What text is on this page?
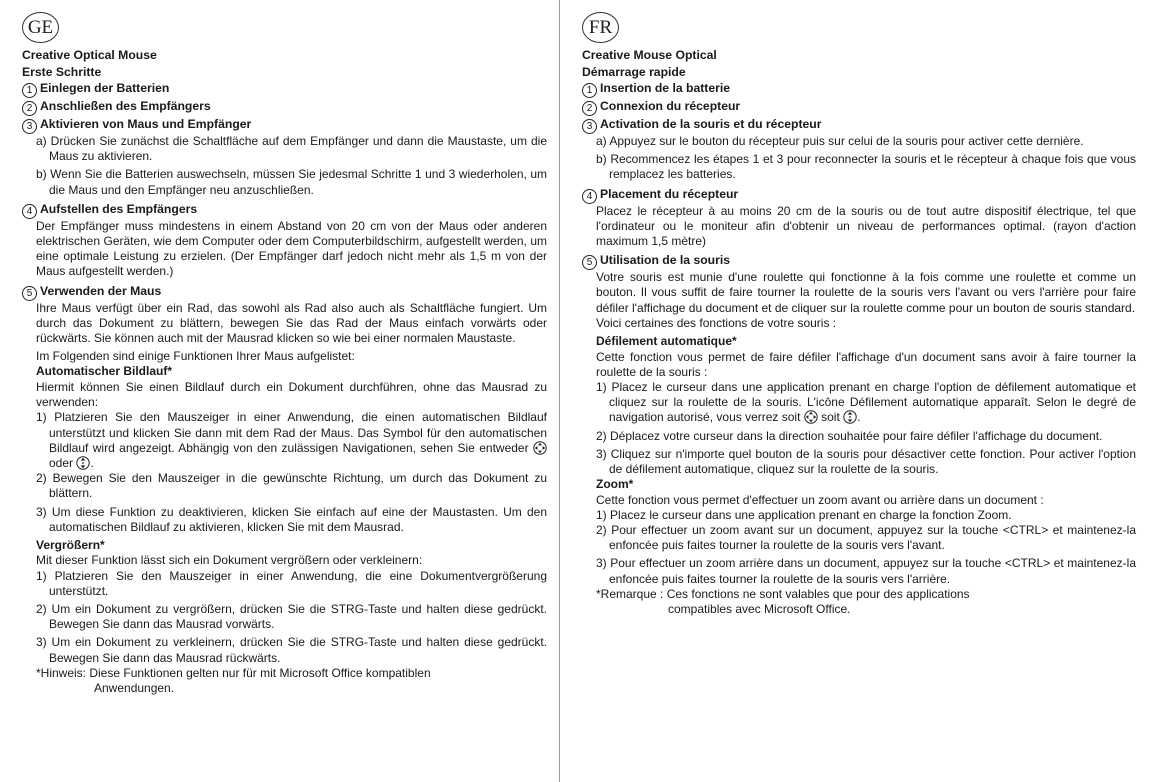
GE

Creative Optical Mouse

Erste Schritte

1 Einlegen der Batterien

2 Anschließen des Empfängers

3 Aktivieren von Maus und Empfänger

a) Drücken Sie zunächst die Schaltfläche auf dem Empfänger und dann die Maustaste, um die Maus zu aktivieren.

b) Wenn Sie die Batterien auswechseln, müssen Sie jedesmal Schritte 1 und 3 wiederholen, um die Maus und den Empfänger neu anzuschließen.

4 Aufstellen des Empfängers

Der Empfänger muss mindestens in einem Abstand von 20 cm von der Maus oder anderen elektrischen Geräten, wie dem Computer oder dem Computerbildschirm, aufgestellt werden, um eine optimale Leistung zu erzielen. (Der Empfänger darf jedoch nicht mehr als 1,5 m von der Maus aufgestellt werden.)

5 Verwenden der Maus

Ihre Maus verfügt über ein Rad, das sowohl als Rad also auch als Schaltfläche fungiert. Um durch das Dokument zu blättern, bewegen Sie das Rad der Maus einfach vorwärts oder rückwärts. Sie können auch mit der Mausrad klicken so wie bei einer normalen Maustaste.

Im Folgenden sind einige Funktionen Ihrer Maus aufgelistet:

Automatischer Bildlauf*

Hiermit können Sie einen Bildlauf durch ein Dokument durchführen, ohne das Mausrad zu verwenden:

1) Platzieren Sie den Mauszeiger in einer Anwendung, die einen automatischen Bildlauf unterstützt und klicken Sie dann mit dem Rad der Maus. Das Symbol für den automatischen Bildlauf wird angezeigt. Abhängig von den zulässigen Navigationen, sehen Sie entweder  oder .

2) Bewegen Sie den Mauszeiger in die gewünschte Richtung, um durch das Dokument zu blättern.

3) Um diese Funktion zu deaktivieren, klicken Sie einfach auf eine der Maustasten. Um den automatischen Bildlauf zu aktivieren, klicken Sie mit dem Mausrad.

Vergrößern*

Mit dieser Funktion lässt sich ein Dokument vergrößern oder verkleinern:

1) Platzieren Sie den Mauszeiger in einer Anwendung, die eine Dokumentvergrößerung unterstützt.

2) Um ein Dokument zu vergrößern, drücken Sie die STRG-Taste und halten diese gedrückt. Bewegen Sie dann das Mausrad vorwärts.

3) Um ein Dokument zu verkleinern, drücken Sie die STRG-Taste und halten diese gedrückt. Bewegen Sie dann das Mausrad rückwärts.

*Hinweis: Diese Funktionen gelten nur für mit Microsoft Office kompatiblen

Anwendungen.

FR

Creative Mouse Optical

Démarrage rapide

1 Insertion de la batterie

2 Connexion du récepteur

3 Activation de la souris et du récepteur

a) Appuyez sur le bouton du récepteur puis sur celui de la souris pour activer cette dernière.

b) Recommencez les étapes 1 et 3 pour reconnecter la souris et le récepteur à chaque fois que vous remplacez les batteries.

4 Placement du récepteur

Placez le récepteur à au moins 20 cm de la souris ou de tout autre dispositif électrique, tel que l'ordinateur ou le moniteur afin d'obtenir un niveau de performances optimal. (rayon d'action maximum 1,5 mètre)

5 Utilisation de la souris

Votre souris est munie d'une roulette qui fonctionne à la fois comme une roulette et comme un bouton. Il vous suffit de faire tourner la roulette de la souris vers l'avant ou vers l'arrière pour faire défiler l'affichage du document et de cliquer sur la roulette comme pour un bouton de souris standard.

Voici certaines des fonctions de votre souris :

Défilement automatique*

Cette fonction vous permet de faire défiler l'affichage d'un document sans avoir à faire tourner la roulette de la souris :

1) Placez le curseur dans une application prenant en charge l'option de défilement automatique et cliquez sur la roulette de la souris. L'icône Défilement automatique apparaît. Selon le degré de navigation autorisé, vous verrez soit soit .

2) Déplacez votre curseur dans la direction souhaitée pour faire défiler l'affichage du document.

3) Cliquez sur n'importe quel bouton de la souris pour désactiver cette fonction. Pour activer l'option de défilement automatique, cliquez sur la roulette de la souris.

Zoom*

Cette fonction vous permet d'effectuer un zoom avant ou arrière dans un document :

1) Placez le curseur dans une application prenant en charge la fonction Zoom.

2) Pour effectuer un zoom avant sur un document, appuyez sur la touche <CTRL> et maintenez-la enfoncée puis faites tourner la roulette de la souris vers l'avant.

3) Pour effectuer un zoom arrière dans un document, appuyez sur la touche <CTRL> et maintenez-la enfoncée puis faites tourner la roulette de la souris vers l'arrière.

*Remarque : Ces fonctions ne sont valables que pour des applications

compatibles avec Microsoft Office.
